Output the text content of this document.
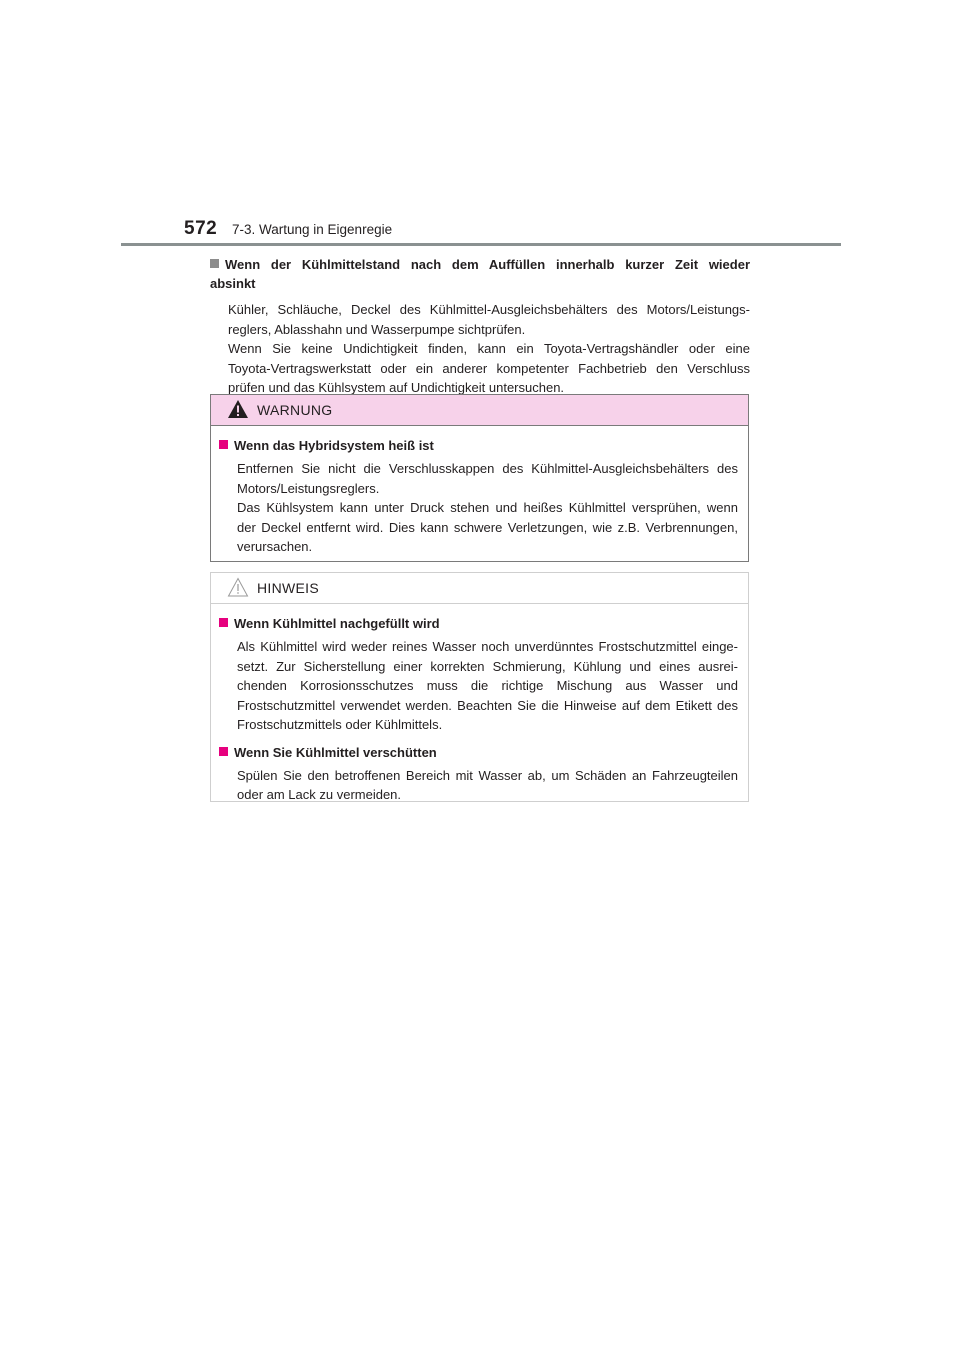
572 7-3. Wartung in Eigenregie
Wenn der Kühlmittelstand nach dem Auffüllen innerhalb kurzer Zeit wieder absinkt
Kühler, Schläuche, Deckel des Kühlmittel-Ausgleichsbehälters des Motors/Leistungs-
reglers, Ablasshahn und Wasserpumpe sichtprüfen.
Wenn Sie keine Undichtigkeit finden, kann ein Toyota-Vertragshändler oder eine
Toyota-Vertragswerkstatt oder ein anderer kompetenter Fachbetrieb den Verschluss
prüfen und das Kühlsystem auf Undichtigkeit untersuchen.
WARNUNG
Wenn das Hybridsystem heiß ist
Entfernen Sie nicht die Verschlusskappen des Kühlmittel-Ausgleichsbehälters des
Motors/Leistungsreglers.
Das Kühlsystem kann unter Druck stehen und heißes Kühlmittel versprühen, wenn
der Deckel entfernt wird. Dies kann schwere Verletzungen, wie z.B. Verbrennungen,
verursachen.
HINWEIS
Wenn Kühlmittel nachgefüllt wird
Als Kühlmittel wird weder reines Wasser noch unverdünntes Frostschutzmittel einge-
setzt. Zur Sicherstellung einer korrekten Schmierung, Kühlung und eines ausrei-
chenden Korrosionsschutzes muss die richtige Mischung aus Wasser und
Frostschutzmittel verwendet werden. Beachten Sie die Hinweise auf dem Etikett des
Frostschutzmittels oder Kühlmittels.
Wenn Sie Kühlmittel verschütten
Spülen Sie den betroffenen Bereich mit Wasser ab, um Schäden an Fahrzeugteilen
oder am Lack zu vermeiden.
